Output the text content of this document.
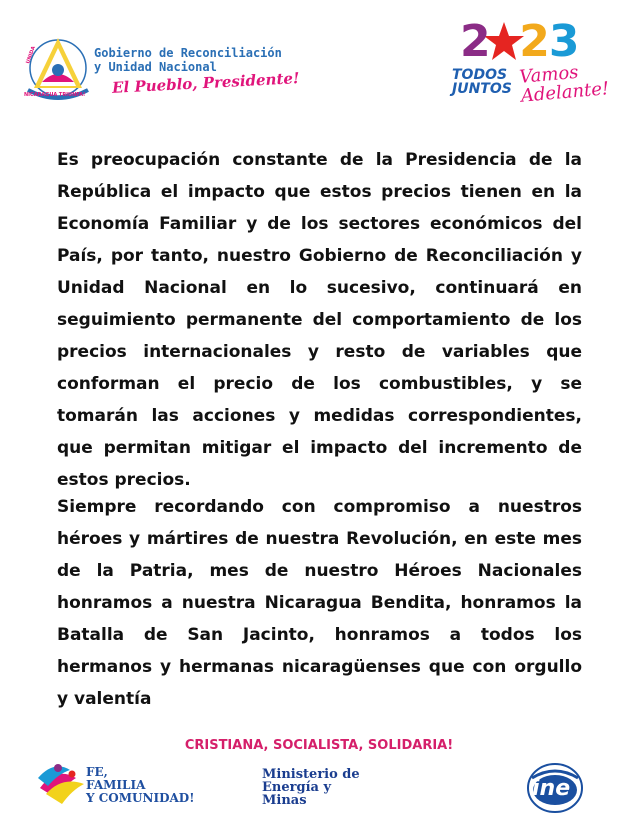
UNIDA
NICARAGUA TRIUNFA!
Gobierno de Reconciliación
y Unidad Nacional
El Pueblo, Presidente!
2 23
TODOS
JUNTOS
Vamos
Adelante!

Es preocupación constante de la Presidencia de la República el impacto que estos precios tienen en la Economía Familiar y de los sectores económicos del País, por tanto, nuestro Gobierno de Reconciliación y Unidad Nacional en lo sucesivo, continuará en seguimiento permanente del comportamiento de los precios internacionales y resto de variables que conforman el precio de los combustibles, y se tomarán las acciones y medidas correspondientes, que permitan mitigar el impacto del incremento de estos precios.

Siempre recordando con compromiso a nuestros héroes y mártires de nuestra Revolución, en este mes de la Patria, mes de nuestro Héroes Nacionales honramos a nuestra Nicaragua Bendita, honramos la Batalla de San Jacinto, honramos a todos los hermanos y hermanas nicaragüenses que con orgullo y valentía

CRISTIANA, SOCIALISTA, SOLIDARIA!
FE,
FAMILIA
Y COMUNIDAD!
Ministerio de
Energía y
Minas	ine
